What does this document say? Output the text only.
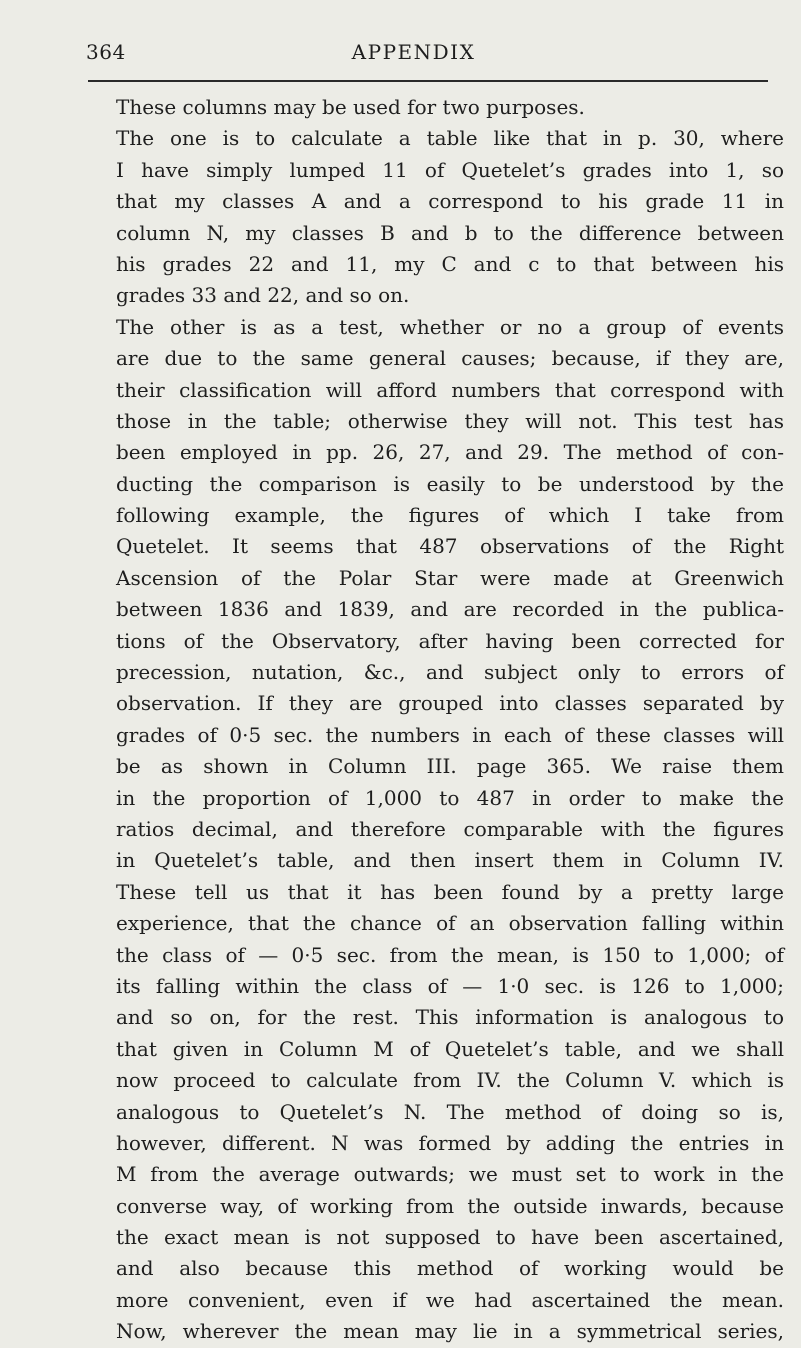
364	APPENDIX
These columns may be used for two purposes.
The one is to calculate a table like that in p. 30, where
I have simply lumped 11 of Quetelet’s grades into 1, so
that my classes A and a correspond to his grade 11 in
column N, my classes B and b to the difference between
his grades 22 and 11, my C and c to that between his
grades 33 and 22, and so on.
The other is as a test, whether or no a group of events
are due to the same general causes; because, if they are,
their classification will afford numbers that correspond with
those in the table; otherwise they will not. This test has
been employed in pp. 26, 27, and 29. The method of con-
ducting the comparison is easily to be understood by the
following example, the figures of which I take from
Quetelet. It seems that 487 observations of the Right
Ascension of the Polar Star were made at Greenwich
between 1836 and 1839, and are recorded in the publica-
tions of the Observatory, after having been corrected for
precession, nutation, &c., and subject only to errors of
observation. If they are grouped into classes separated by
grades of 0·5 sec. the numbers in each of these classes will
be as shown in Column III. page 365. We raise them
in the proportion of 1,000 to 487 in order to make the
ratios decimal, and therefore comparable with the figures
in Quetelet’s table, and then insert them in Column IV.
These tell us that it has been found by a pretty large
experience, that the chance of an observation falling within
the class of — 0·5 sec. from the mean, is 150 to 1,000; of
its falling within the class of — 1·0 sec. is 126 to 1,000;
and so on, for the rest. This information is analogous to
that given in Column M of Quetelet’s table, and we shall
now proceed to calculate from IV. the Column V. which is
analogous to Quetelet’s N. The method of doing so is,
however, different. N was formed by adding the entries in
M from the average outwards; we must set to work in the
converse way, of working from the outside inwards, because
the exact mean is not supposed to have been ascertained,
and also because this method of working would be
more convenient, even if we had ascertained the mean.
Now, wherever the mean may lie in a symmetrical series,
